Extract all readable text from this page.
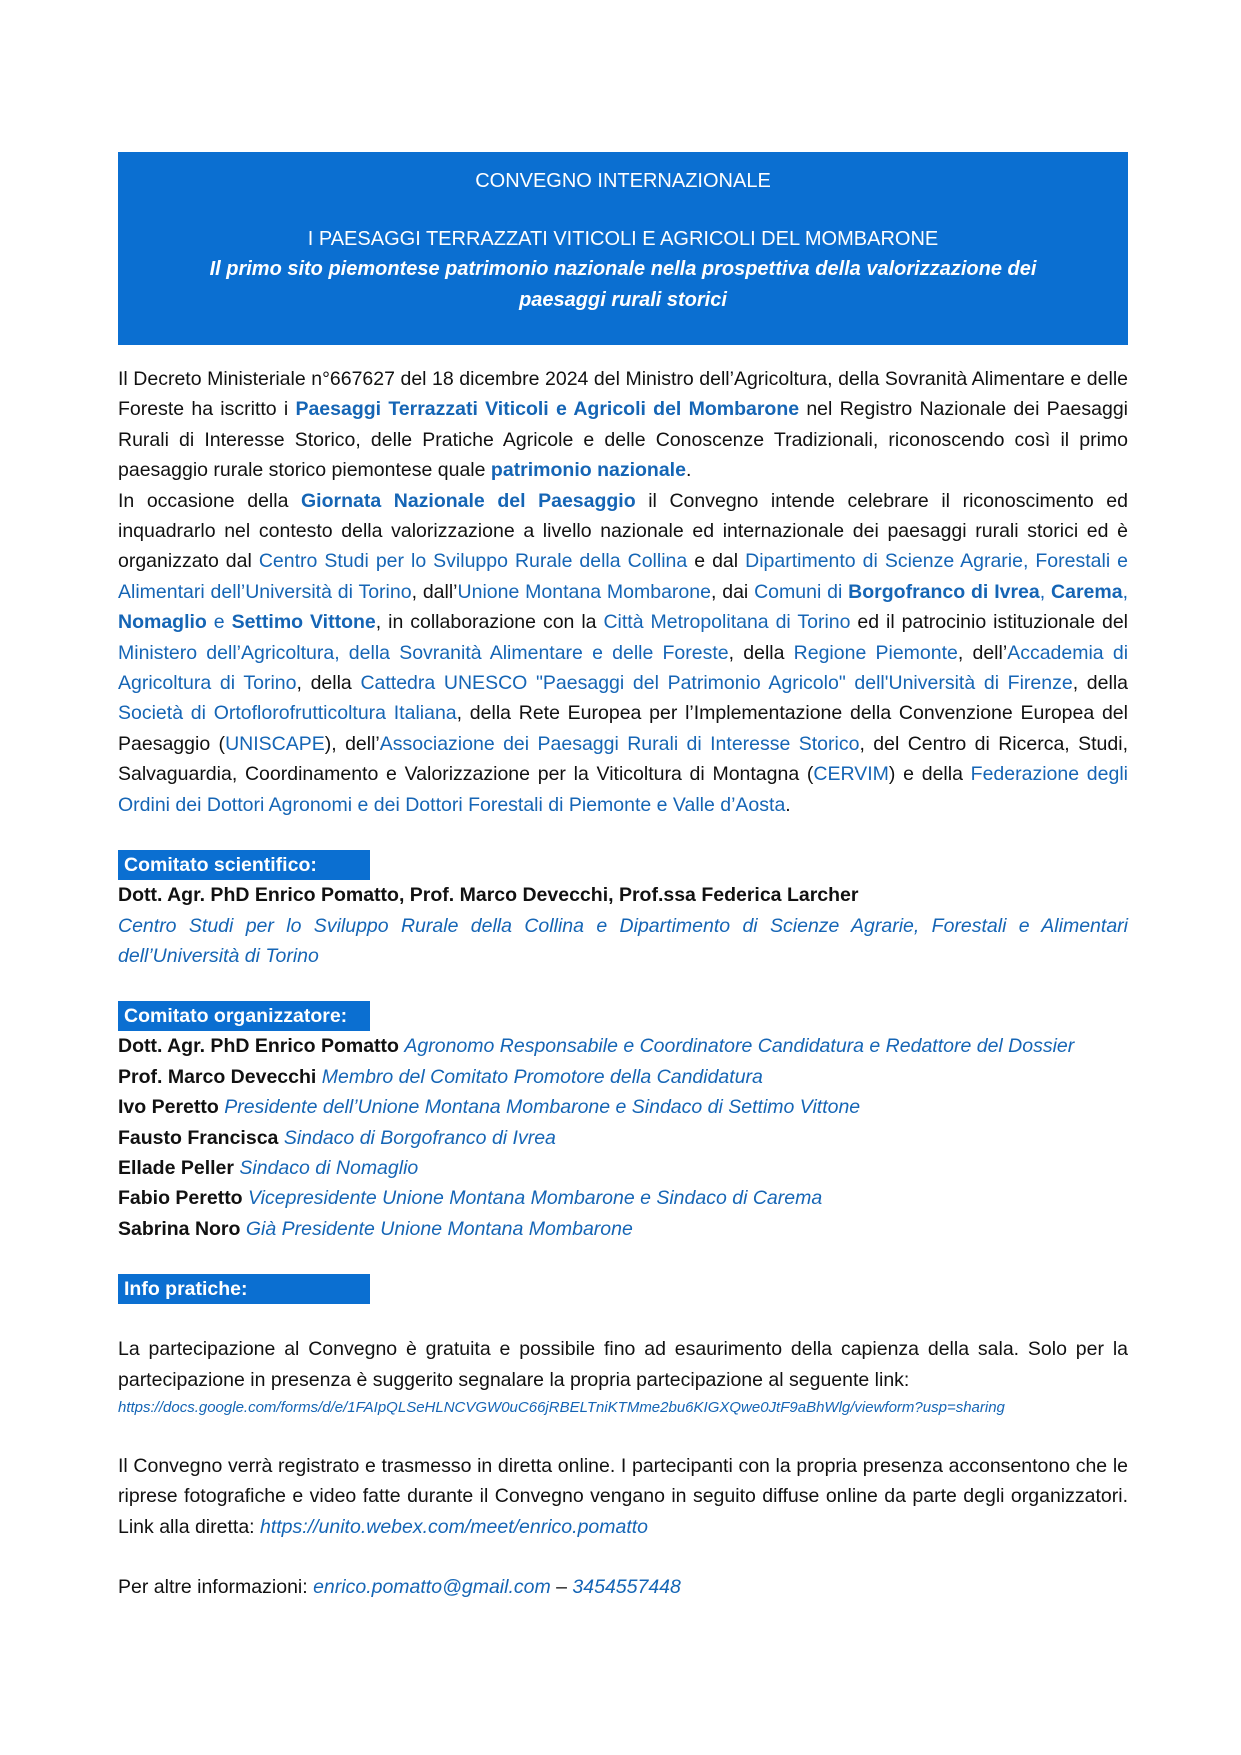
CONVEGNO INTERNAZIONALE
I PAESAGGI TERRAZZATI VITICOLI E AGRICOLI DEL MOMBARONE
Il primo sito piemontese patrimonio nazionale nella prospettiva della valorizzazione dei
paesaggi rurali storici
Il Decreto Ministeriale n°667627 del 18 dicembre 2024 del Ministro dell’Agricoltura, della Sovranità Alimentare e delle Foreste ha iscritto i Paesaggi Terrazzati Viticoli e Agricoli del Mombarone nel Registro Nazionale dei Paesaggi Rurali di Interesse Storico, delle Pratiche Agricole e delle Conoscenze Tradizionali, riconoscendo così il primo paesaggio rurale storico piemontese quale patrimonio nazionale.
In occasione della Giornata Nazionale del Paesaggio il Convegno intende celebrare il riconoscimento ed inquadrarlo nel contesto della valorizzazione a livello nazionale ed internazionale dei paesaggi rurali storici ed è organizzato dal Centro Studi per lo Sviluppo Rurale della Collina e dal Dipartimento di Scienze Agrarie, Forestali e Alimentari dell’Università di Torino, dall’Unione Montana Mombarone, dai Comuni di Borgofranco di Ivrea, Carema, Nomaglio e Settimo Vittone, in collaborazione con la Città Metropolitana di Torino ed il patrocinio istituzionale del Ministero dell’Agricoltura, della Sovranità Alimentare e delle Foreste, della Regione Piemonte, dell’Accademia di Agricoltura di Torino, della Cattedra UNESCO "Paesaggi del Patrimonio Agricolo" dell'Università di Firenze, della Società di Ortoflorofrutticoltura Italiana, della Rete Europea per l’Implementazione della Convenzione Europea del Paesaggio (UNISCAPE), dell’Associazione dei Paesaggi Rurali di Interesse Storico, del Centro di Ricerca, Studi, Salvaguardia, Coordinamento e Valorizzazione per la Viticoltura di Montagna (CERVIM) e della Federazione degli Ordini dei Dottori Agronomi e dei Dottori Forestali di Piemonte e Valle d’Aosta.
Comitato scientifico:
Dott. Agr. PhD Enrico Pomatto, Prof. Marco Devecchi, Prof.ssa Federica Larcher
Centro Studi per lo Sviluppo Rurale della Collina e Dipartimento di Scienze Agrarie, Forestali e Alimentari dell’Università di Torino
Comitato organizzatore:
Dott. Agr. PhD Enrico Pomatto Agronomo Responsabile e Coordinatore Candidatura e Redattore del Dossier
Prof. Marco Devecchi Membro del Comitato Promotore della Candidatura
Ivo Peretto Presidente dell’Unione Montana Mombarone e Sindaco di Settimo Vittone
Fausto Francisca Sindaco di Borgofranco di Ivrea
Ellade Peller Sindaco di Nomaglio
Fabio Peretto Vicepresidente Unione Montana Mombarone e Sindaco di Carema
Sabrina Noro Già Presidente Unione Montana Mombarone
Info pratiche:
La partecipazione al Convegno è gratuita e possibile fino ad esaurimento della capienza della sala. Solo per la partecipazione in presenza è suggerito segnalare la propria partecipazione al seguente link:
https://docs.google.com/forms/d/e/1FAIpQLSeHLNCVGW0uC66jRBELTniKTMme2bu6KIGXQwe0JtF9aBhWlg/viewform?usp=sharing
Il Convegno verrà registrato e trasmesso in diretta online. I partecipanti con la propria presenza acconsentono che le riprese fotografiche e video fatte durante il Convegno vengano in seguito diffuse online da parte degli organizzatori. Link alla diretta: https://unito.webex.com/meet/enrico.pomatto
Per altre informazioni: enrico.pomatto@gmail.com – 3454557448
